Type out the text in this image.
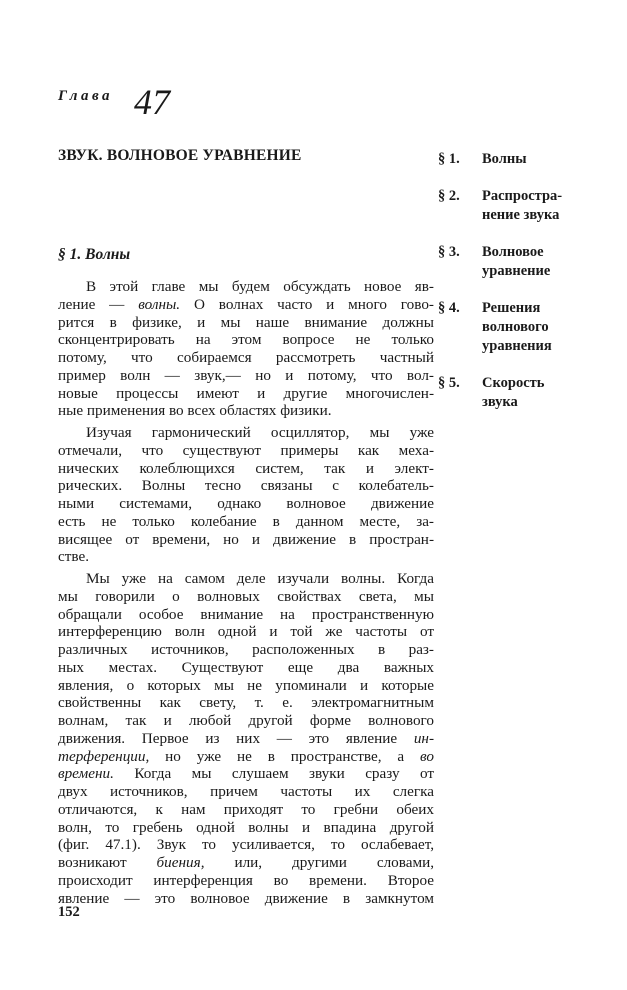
Глава 47
ЗВУК. ВОЛНОВОЕ УРАВНЕНИЕ	§ 1.	Волны
§ 2.	Распростра-
нение звука
§ 3.	Волновое
уравнение
§ 4.	Решения
волнового
уравнения
§ 5.	Скорость
звука
§ 1. Волны
В этой главе мы будем обсуждать новое яв-
ление — волны. О волнах часто и много гово-
рится в физике, и мы наше внимание должны
сконцентрировать на этом вопросе не только
потому, что собираемся рассмотреть частный
пример волн — звук,— но и потому, что вол-
новые процессы имеют и другие многочислен-
ные применения во всех областях физики.
Изучая гармонический осциллятор, мы уже
отмечали, что существуют примеры как меха-
нических колеблющихся систем, так и элект-
рических. Волны тесно связаны с колебатель-
ными системами, однако волновое движение
есть не только колебание в данном месте, за-
висящее от времени, но и движение в простран-
стве.
Мы уже на самом деле изучали волны. Когда
мы говорили о волновых свойствах света, мы
обращали особое внимание на пространственную
интерференцию волн одной и той же частоты от
различных источников, расположенных в раз-
ных местах. Существуют еще два важных
явления, о которых мы не упоминали и которые
свойственны как свету, т. е. электромагнитным
волнам, так и любой другой форме волнового
движения. Первое из них — это явление ин-
терференции, но уже не в пространстве, а во
времени. Когда мы слушаем звуки сразу от
двух источников, причем частоты их слегка
отличаются, к нам приходят то гребни обеих
волн, то гребень одной волны и впадина другой
(фиг. 47.1). Звук то усиливается, то ослабевает,
возникают биения, или, другими словами,
происходит интерференция во времени. Второе
явление — это волновое движение в замкнутом
152
